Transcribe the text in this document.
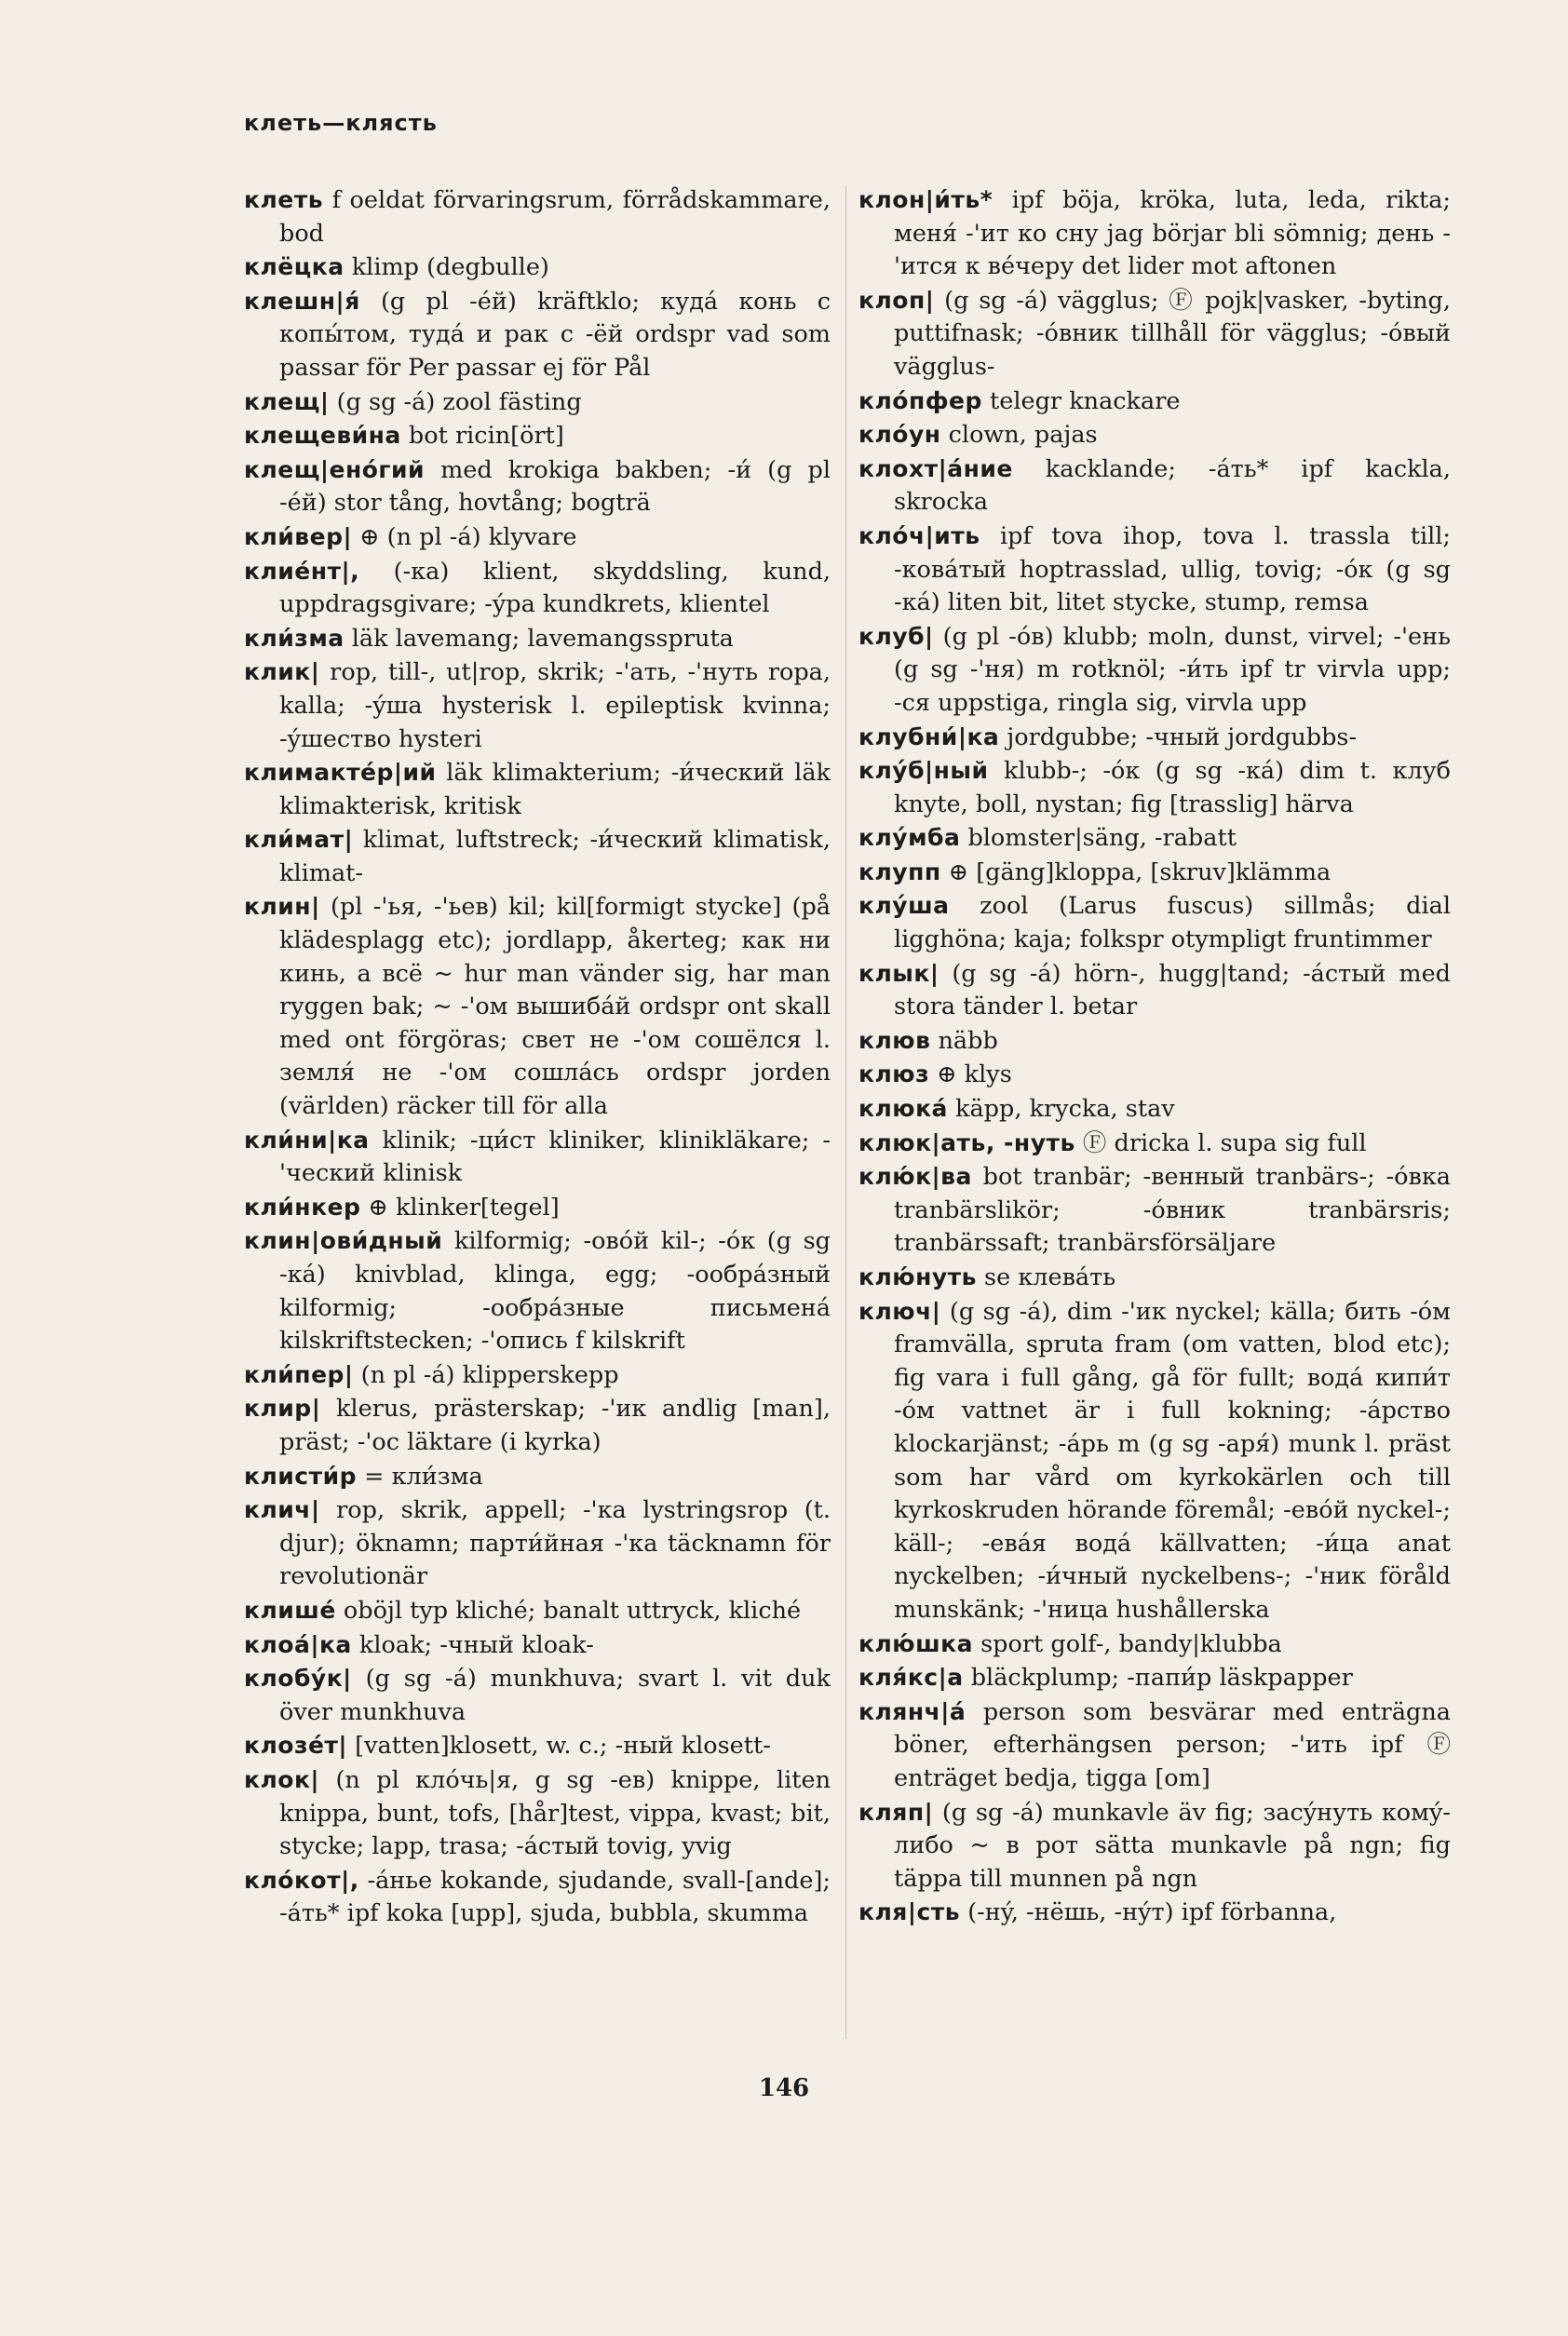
клеть—клясть

клеть f oeldat förvaringsrum, förrådskammare, bod

клёцка klimp (degbulle)

клешн|я́ (g pl -éй) kräftklo; куда́ конь с копы́том, туда́ и рак с -ёй ordspr vad som passar för Per passar ej för Pål

клещ| (g sg -á) zool fästing

клещеви́на bot ricin[ört]

клещ|енóгий med krokiga bakben; -и́ (g pl -éй) stor tång, hovtång; bogträ

кли́вер| ⊕ (n pl -á) klyvare

клие́нт|, (-ка) klient, skyddsling, kund, uppdragsgivare; -ýра kundkrets, klientel

кли́зма läk lavemang; lavemangsspruta

клик| rop, till-, ut|rop, skrik; -'ать, -'нуть ropa, kalla; -ýша hysterisk l. epileptisk kvinna; -ýшество hysteri

климакте́р|ий läk klimakterium; -и́ческий läk klimakterisk, kritisk

кли́мат| klimat, luftstreck; -и́ческий klimatisk, klimat-

клин| (pl -'ья, -'ьев) kil; kil[formigt stycke] (på klädesplagg etc); jordlapp, åkerteg; как ни кинь, а всё ~ hur man vänder sig, har man ryggen bak; ~ -'ом вышиба́й ordspr ont skall med ont förgöras; свет не -'ом сошёлся l. земля́ не -'ом сошла́сь ordspr jorden (världen) räcker till för alla

кли́ни|ка klinik; -ци́ст kliniker, klinikläkare; -'ческий klinisk

кли́нкер ⊕ klinker[tegel]

клин|ови́дный kilformig; -ово́й kil-; -óк (g sg -кá) knivblad, klinga, egg; -ообра́зный kilformig; -ообра́зные письмена́ kilskriftstecken; -'опись f kilskrift

кли́пер| (n pl -á) klipperskepp

клир| klerus, prästerskap; -'ик andlig [man], präst; -'ос läktare (i kyrka)

клисти́р = кли́зма

клич| rop, skrik, appell; -'ка lystringsrop (t. djur); öknamn; парти́йная -'ка täcknamn för revolutionär

клише́ oböjl typ kliché; banalt uttryck, kliché

клоа́|ка kloak; -чный kloak-

клобýк| (g sg -á) munkhuva; svart l. vit duk över munkhuva

клозе́т| [vatten]klosett, w. c.; -ный klosett-

клок| (n pl клóчь|я, g sg -ев) knippe, liten knippa, bunt, tofs, [hår]test, vippa, kvast; bit, stycke; lapp, trasa; -áстый tovig, yvig

клóкот|, -áнье kokande, sjudande, svall-[ande]; -áть* ipf koka [upp], sjuda, bubbla, skumma

клон|и́ть* ipf böja, kröka, luta, leda, rikta; меня́ -'ит ко сну jag börjar bli sömnig; день -'ится к ве́черу det lider mot aftonen

клоп| (g sg -á) vägglus; Ⓕ pojk|vasker, -byting, puttifnask; -óвник tillhåll för vägglus; -óвый vägglus-

клóпфер telegr knackare

клóун clown, pajas

клохт|áние kacklande; -áть* ipf kackla, skrocka

клóч|ить ipf tova ihop, tova l. trassla till; -ковáтый hoptrasslad, ullig, tovig; -óк (g sg -кá) liten bit, litet stycke, stump, remsa

клуб| (g pl -óв) klubb; moln, dunst, virvel; -'ень (g sg -'ня) m rotknöl; -и́ть ipf tr virvla upp; -ся uppstiga, ringla sig, virvla upp

клубни́|ка jordgubbe; -чный jordgubbs-

клýб|ный klubb-; -óк (g sg -кá) dim t. клуб knyte, boll, nystan; fig [trasslig] härva

клýмба blomster|säng, -rabatt

клупп ⊕ [gäng]kloppa, [skruv]klämma

клýша zool (Larus fuscus) sillmås; dial ligghöna; kaja; folkspr otympligt fruntimmer

клык| (g sg -á) hörn-, hugg|tand; -áстый med stora tänder l. betar

клюв näbb

клюз ⊕ klys

клюкá käpp, krycka, stav

клюк|ать, -нуть Ⓕ dricka l. supa sig full

клю́к|ва bot tranbär; -венный tranbärs-; -óвка tranbärslikör; -óвник tranbärsris; tranbärssaft; tranbärsförsäljare

клю́нуть se клевáть

ключ| (g sg -á), dim -'ик nyckel; källa; бить -óм framvälla, spruta fram (om vatten, blod etc); fig vara i full gång, gå för fullt; водá кипи́т -óм vattnet är i full kokning; -áрство klockarjänst; -áрь m (g sg -аря́) munk l. präst som har vård om kyrkokärlen och till kyrkoskruden hörande föremål; -евóй nyckel-; käll-; -евáя водá källvatten; -и́ца anat nyckelben; -и́чный nyckelbens-; -'ник föråld munskänk; -'ница hushållerska

клю́шка sport golf-, bandy|klubba

кля́кс|а bläckplump; -папи́р läskpapper

клянч|á person som besvärar med enträgna böner, efterhängsen person; -'ить ipf Ⓕ enträget bedja, tigga [om]

кляп| (g sg -á) munkavle äv fig; засýнуть комý-либо ~ в рот sätta munkavle på ngn; fig täppa till munnen på ngn

кля|сть (-нý, -нёшь, -нýт) ipf förbanna,

146
